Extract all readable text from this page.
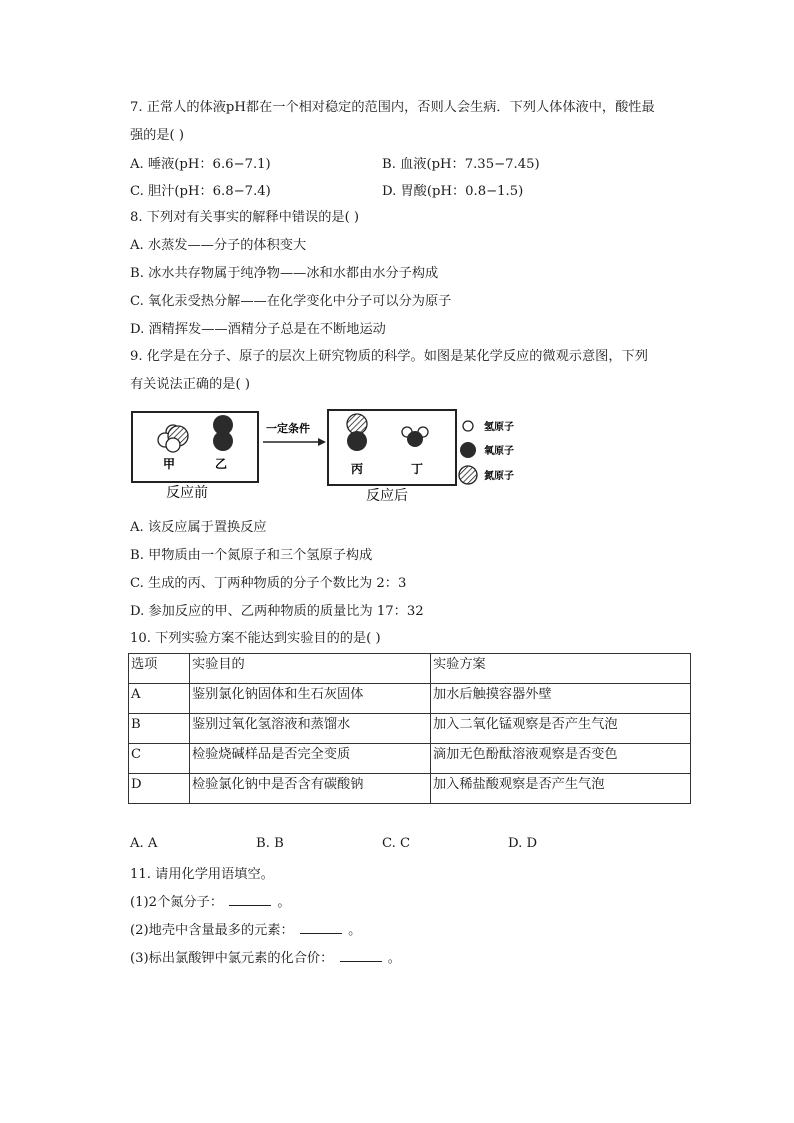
7. 正常人的体液pH都在一个相对稳定的范围内，否则人会生病．下列人体体液中，酸性最
强的是( )
A. 唾液(pH：6.6−7.1)	B. 血液(pH：7.35−7.45)
C. 胆汁(pH：6.8−7.4)	D. 胃酸(pH：0.8−1.5)
8. 下列对有关事实的解释中错误的是( )
A. 水蒸发——分子的体积变大
B. 冰水共存物属于纯净物——冰和水都由水分子构成
C. 氧化汞受热分解——在化学变化中分子可以分为原子
D. 酒精挥发——酒精分子总是在不断地运动
9. 化学是在分子、原子的层次上研究物质的科学。如图是某化学反应的微观示意图，下列
有关说法正确的是( )
甲	乙
反应前
一定条件
丙	丁
反应后
氢原子
氧原子
氮原子
A. 该反应属于置换反应
B. 甲物质由一个氮原子和三个氢原子构成
C. 生成的丙、丁两种物质的分子个数比为 2：3
D. 参加反应的甲、乙两种物质的质量比为 17：32
10. 下列实验方案不能达到实验目的的是( )
选项	实验目的	实验方案
A	鉴别氯化钠固体和生石灰固体	加水后触摸容器外壁
B	鉴别过氧化氢溶液和蒸馏水	加入二氧化锰观察是否产生气泡
C	检验烧碱样品是否完全变质	滴加无色酚酞溶液观察是否变色
D	检验氯化钠中是否含有碳酸钠	加入稀盐酸观察是否产生气泡
A. A	B. B	C. C	D. D
11. 请用化学用语填空。
(1)2个氮分子：	。
(2)地壳中含量最多的元素：	。
(3)标出氯酸钾中氯元素的化合价：	。
